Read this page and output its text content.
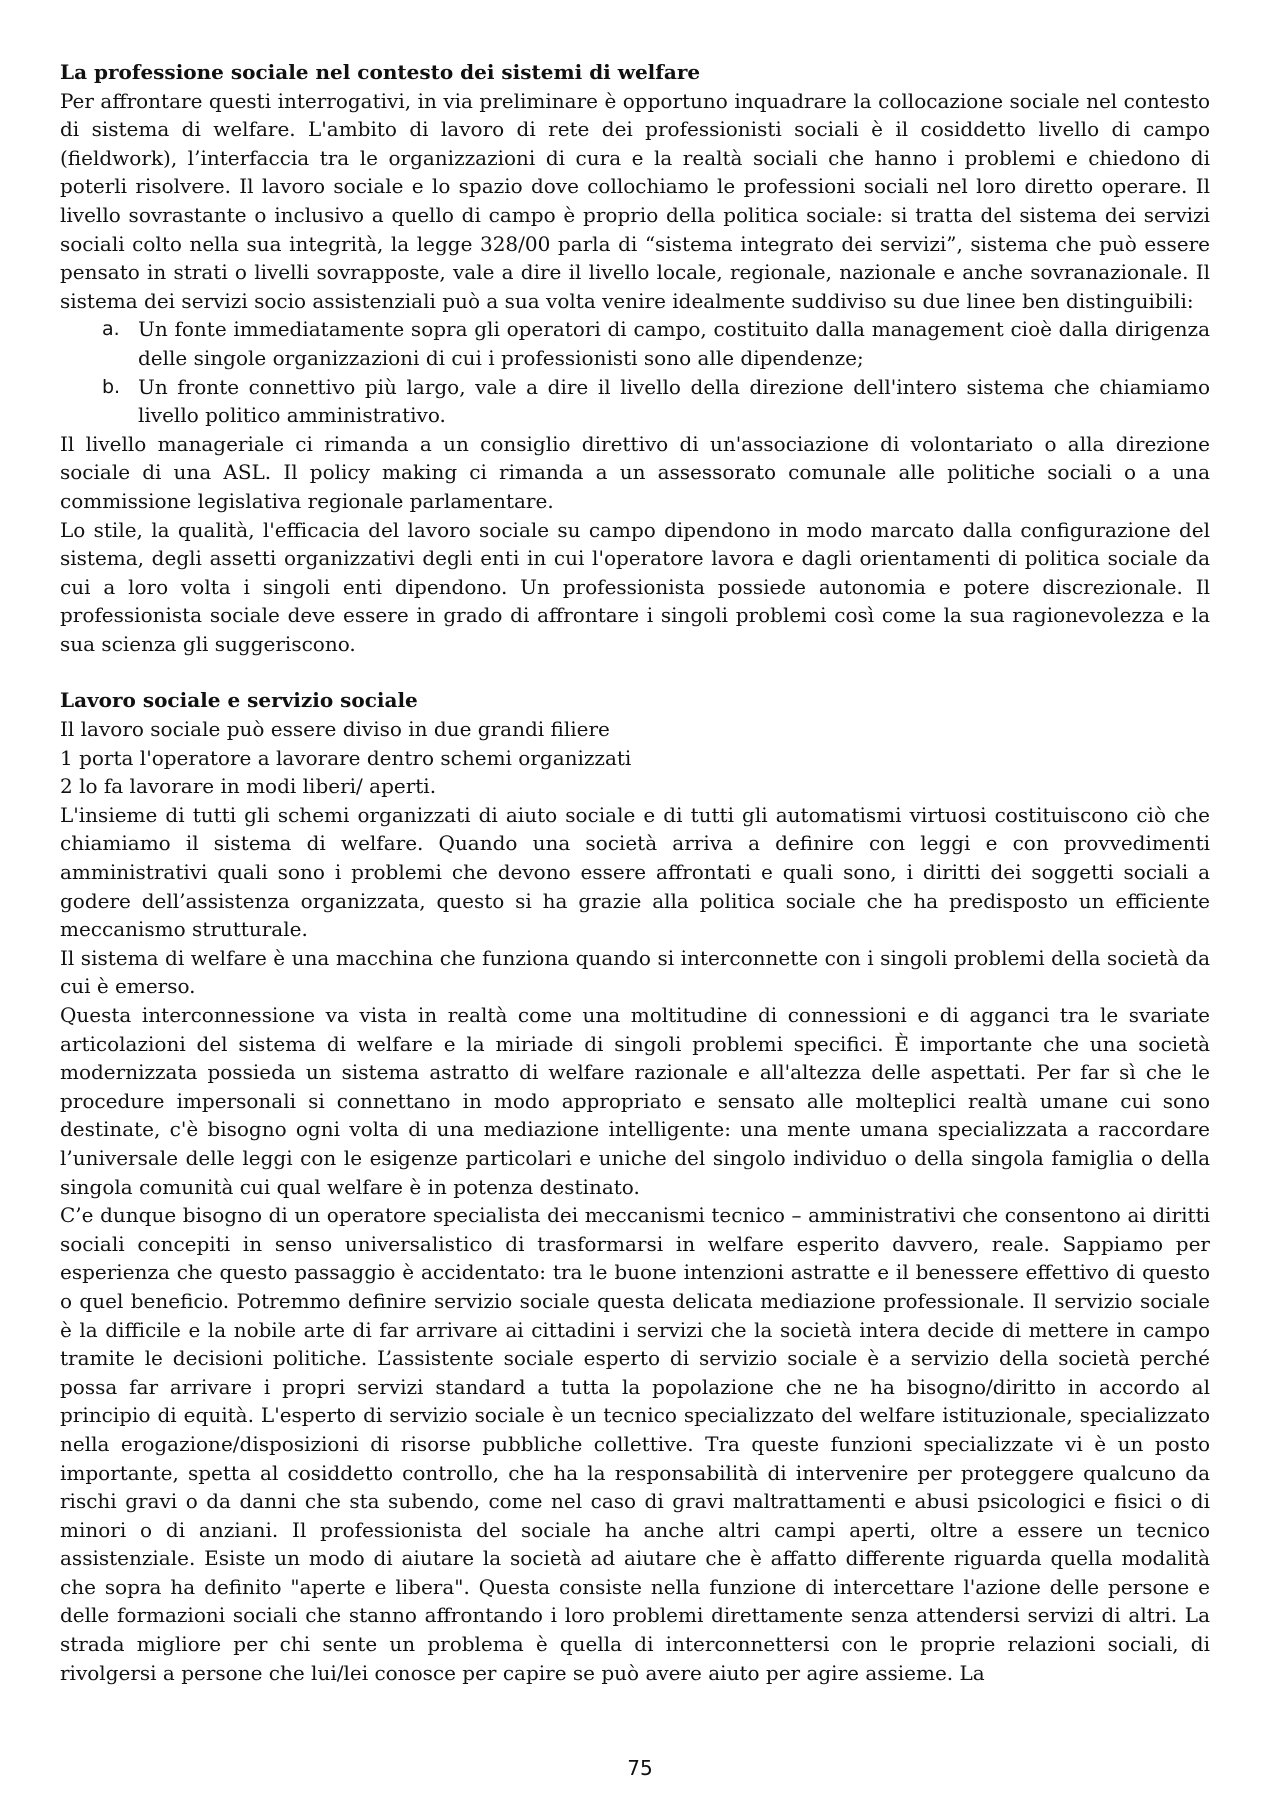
La professione sociale nel contesto dei sistemi di welfare

Per affrontare questi interrogativi, in via preliminare è opportuno inquadrare la collocazione sociale nel contesto di sistema di welfare. L'ambito di lavoro di rete dei professionisti sociali è il cosiddetto livello di campo (fieldwork), l’interfaccia tra le organizzazioni di cura e la realtà sociali che hanno i problemi e chiedono di poterli risolvere. Il lavoro sociale e lo spazio dove collochiamo le professioni sociali nel loro diretto operare. Il livello sovrastante o inclusivo a quello di campo è proprio della politica sociale: si tratta del sistema dei servizi sociali colto nella sua integrità, la legge 328/00 parla di “sistema integrato dei servizi”, sistema che può essere pensato in strati o livelli sovrapposte, vale a dire il livello locale, regionale, nazionale e anche sovranazionale. Il sistema dei servizi socio assistenziali può a sua volta venire idealmente suddiviso su due linee ben distinguibili:

a. Un fonte immediatamente sopra gli operatori di campo, costituito dalla management cioè dalla dirigenza delle singole organizzazioni di cui i professionisti sono alle dipendenze;
b. Un fronte connettivo più largo, vale a dire il livello della direzione dell'intero sistema che chiamiamo livello politico amministrativo.

Il livello manageriale ci rimanda a un consiglio direttivo di un'associazione di volontariato o alla direzione sociale di una ASL. Il policy making ci rimanda a un assessorato comunale alle politiche sociali o a una commissione legislativa regionale parlamentare.

Lo stile, la qualità, l'efficacia del lavoro sociale su campo dipendono in modo marcato dalla configurazione del sistema, degli assetti organizzativi degli enti in cui l'operatore lavora e dagli orientamenti di politica sociale da cui a loro volta i singoli enti dipendono. Un professionista possiede autonomia e potere discrezionale. Il professionista sociale deve essere in grado di affrontare i singoli problemi così come la sua ragionevolezza e la sua scienza gli suggeriscono.

Lavoro sociale e servizio sociale

Il lavoro sociale può essere diviso in due grandi filiere

1 porta l'operatore a lavorare dentro schemi organizzati

2 lo fa lavorare in modi liberi/ aperti.

L'insieme di tutti gli schemi organizzati di aiuto sociale e di tutti gli automatismi virtuosi costituiscono ciò che chiamiamo il sistema di welfare. Quando una società arriva a definire con leggi e con provvedimenti amministrativi quali sono i problemi che devono essere affrontati e quali sono, i diritti dei soggetti sociali a godere dell’assistenza organizzata, questo si ha grazie alla politica sociale che ha predisposto un efficiente meccanismo strutturale.

Il sistema di welfare è una macchina che funziona quando si interconnette con i singoli problemi della società da cui è emerso.

Questa interconnessione va vista in realtà come una moltitudine di connessioni e di agganci tra le svariate articolazioni del sistema di welfare e la miriade di singoli problemi specifici. È importante che una società modernizzata possieda un sistema astratto di welfare razionale e all'altezza delle aspettati. Per far sì che le procedure impersonali si connettano in modo appropriato e sensato alle molteplici realtà umane cui sono destinate, c'è bisogno ogni volta di una mediazione intelligente: una mente umana specializzata a raccordare l’universale delle leggi con le esigenze particolari e uniche del singolo individuo o della singola famiglia o della singola comunità cui qual welfare è in potenza destinato.

C’e dunque bisogno di un operatore specialista dei meccanismi tecnico – amministrativi che consentono ai diritti sociali concepiti in senso universalistico di trasformarsi in welfare esperito davvero, reale. Sappiamo per esperienza che questo passaggio è accidentato: tra le buone intenzioni astratte e il benessere effettivo di questo o quel beneficio. Potremmo definire servizio sociale questa delicata mediazione professionale. Il servizio sociale è la difficile e la nobile arte di far arrivare ai cittadini i servizi che la società intera decide di mettere in campo tramite le decisioni politiche. L’assistente sociale esperto di servizio sociale è a servizio della società perché possa far arrivare i propri servizi standard a tutta la popolazione che ne ha bisogno/diritto in accordo al principio di equità. L'esperto di servizio sociale è un tecnico specializzato del welfare istituzionale, specializzato nella erogazione/disposizioni di risorse pubbliche collettive. Tra queste funzioni specializzate vi è un posto importante, spetta al cosiddetto controllo, che ha la responsabilità di intervenire per proteggere qualcuno da rischi gravi o da danni che sta subendo, come nel caso di gravi maltrattamenti e abusi psicologici e fisici o di minori o di anziani. Il professionista del sociale ha anche altri campi aperti, oltre a essere un tecnico assistenziale. Esiste un modo di aiutare la società ad aiutare che è affatto differente riguarda quella modalità che sopra ha definito "aperte e libera". Questa consiste nella funzione di intercettare l'azione delle persone e delle formazioni sociali che stanno affrontando i loro problemi direttamente senza attendersi servizi di altri. La strada migliore per chi sente un problema è quella di interconnettersi con le proprie relazioni sociali, di rivolgersi a persone che lui/lei conosce per capire se può avere aiuto per agire assieme. La

75
